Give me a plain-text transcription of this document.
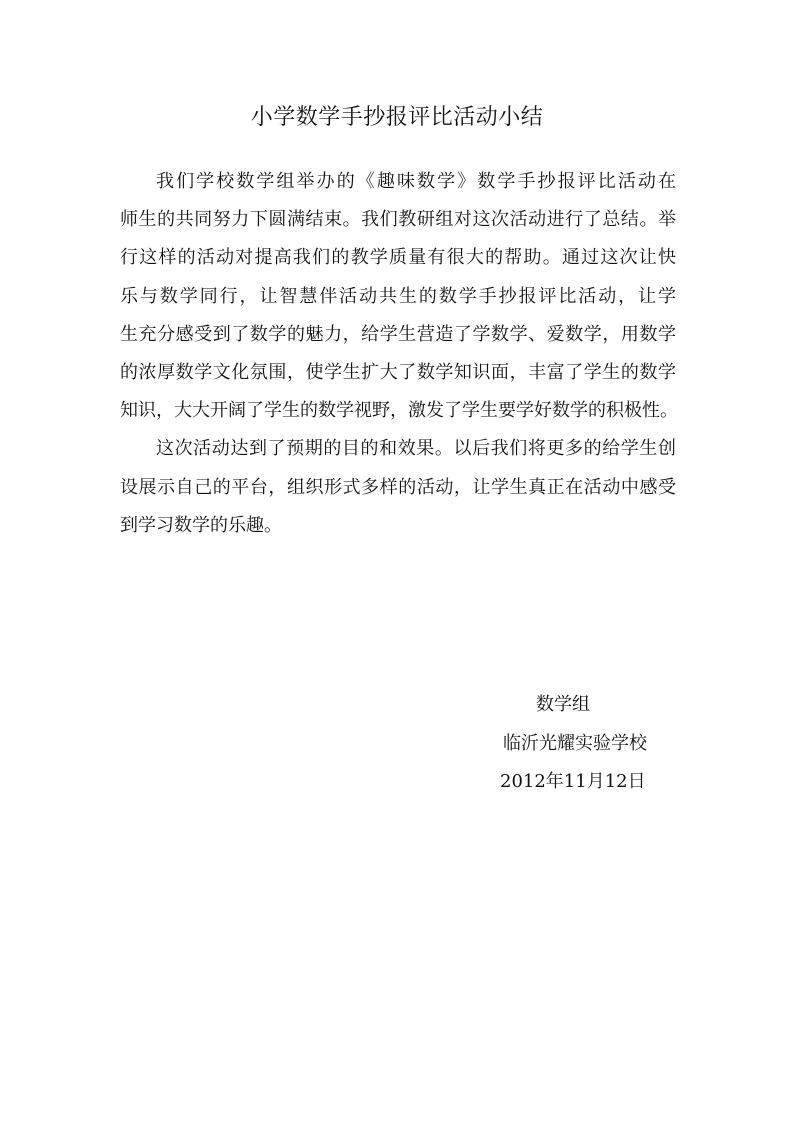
小学数学手抄报评比活动小结
我们学校数学组举办的《趣味数学》数学手抄报评比活动在
师生的共同努力下圆满结束。我们教研组对这次活动进行了总结。举
行这样的活动对提高我们的教学质量有很大的帮助。通过这次让快
乐与数学同行，让智慧伴活动共生的数学手抄报评比活动，让学
生充分感受到了数学的魅力，给学生营造了学数学、爱数学，用数学
的浓厚数学文化氛围，使学生扩大了数学知识面，丰富了学生的数学
知识，大大开阔了学生的数学视野，激发了学生要学好数学的积极性。
这次活动达到了预期的目的和效果。以后我们将更多的给学生创
设展示自己的平台，组织形式多样的活动，让学生真正在活动中感受
到学习数学的乐趣。
数学组
临沂光耀实验学校
2012年11月12日
